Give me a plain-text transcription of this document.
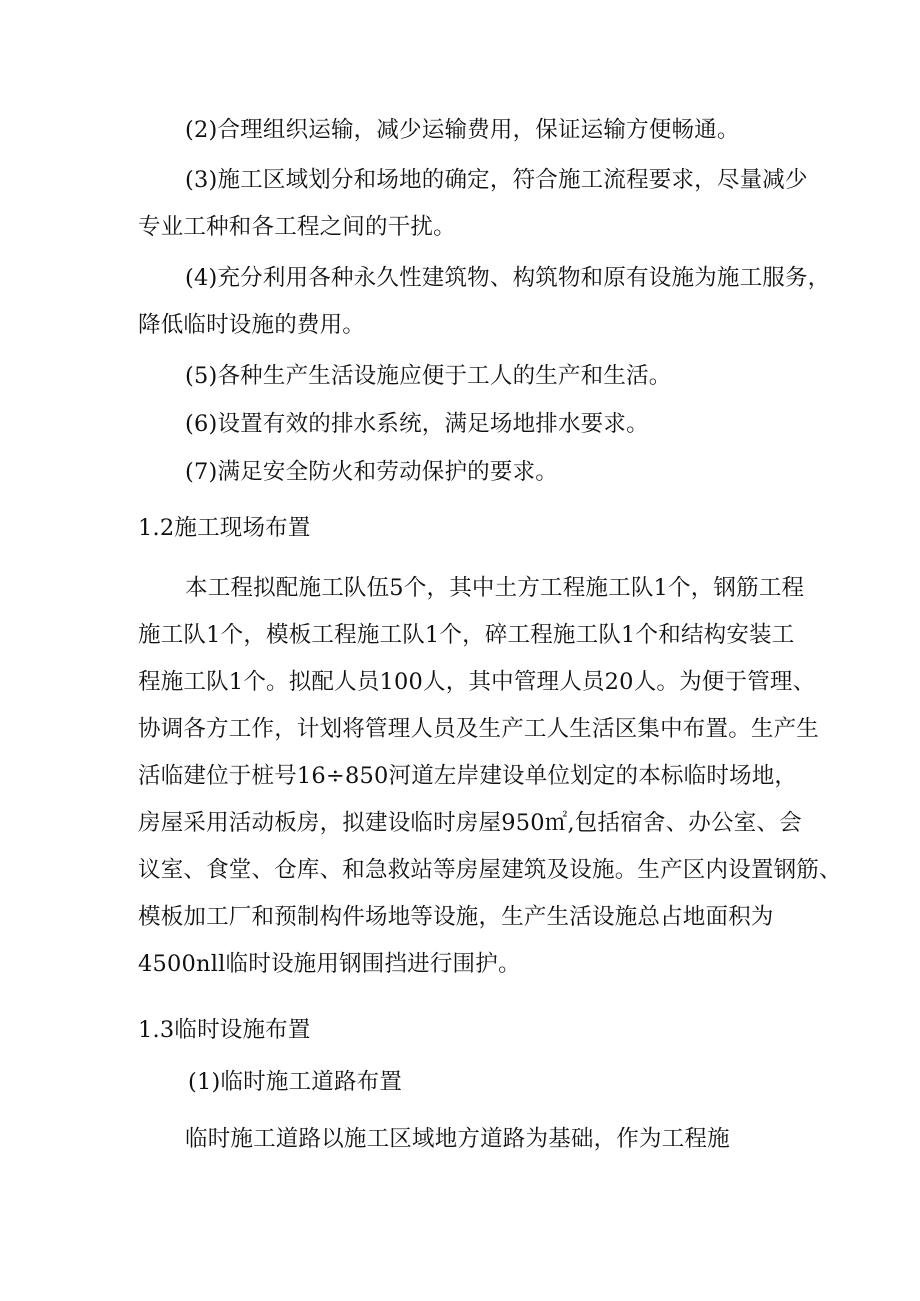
(2)合理组织运输，减少运输费用，保证运输方便畅通。
(3)施工区域划分和场地的确定，符合施工流程要求，尽量减少
专业工种和各工程之间的干扰。
(4)充分利用各种永久性建筑物、构筑物和原有设施为施工服务，
降低临时设施的费用。
(5)各种生产生活设施应便于工人的生产和生活。
(6)设置有效的排水系统，满足场地排水要求。
(7)满足安全防火和劳动保护的要求。
1.2施工现场布置
本工程拟配施工队伍5个，其中土方工程施工队1个，钢筋工程
施工队1个，模板工程施工队1个，碎工程施工队1个和结构安装工
程施工队1个。拟配人员100人，其中管理人员20人。为便于管理、
协调各方工作，计划将管理人员及生产工人生活区集中布置。生产生
活临建位于桩号16÷850河道左岸建设单位划定的本标临时场地，
房屋采用活动板房，拟建设临时房屋950㎡,包括宿舍、办公室、会
议室、食堂、仓库、和急救站等房屋建筑及设施。生产区内设置钢筋、
模板加工厂和预制构件场地等设施，生产生活设施总占地面积为
4500nll临时设施用钢围挡进行围护。
1.3临时设施布置
(1)临时施工道路布置
临时施工道路以施工区域地方道路为基础，作为工程施
